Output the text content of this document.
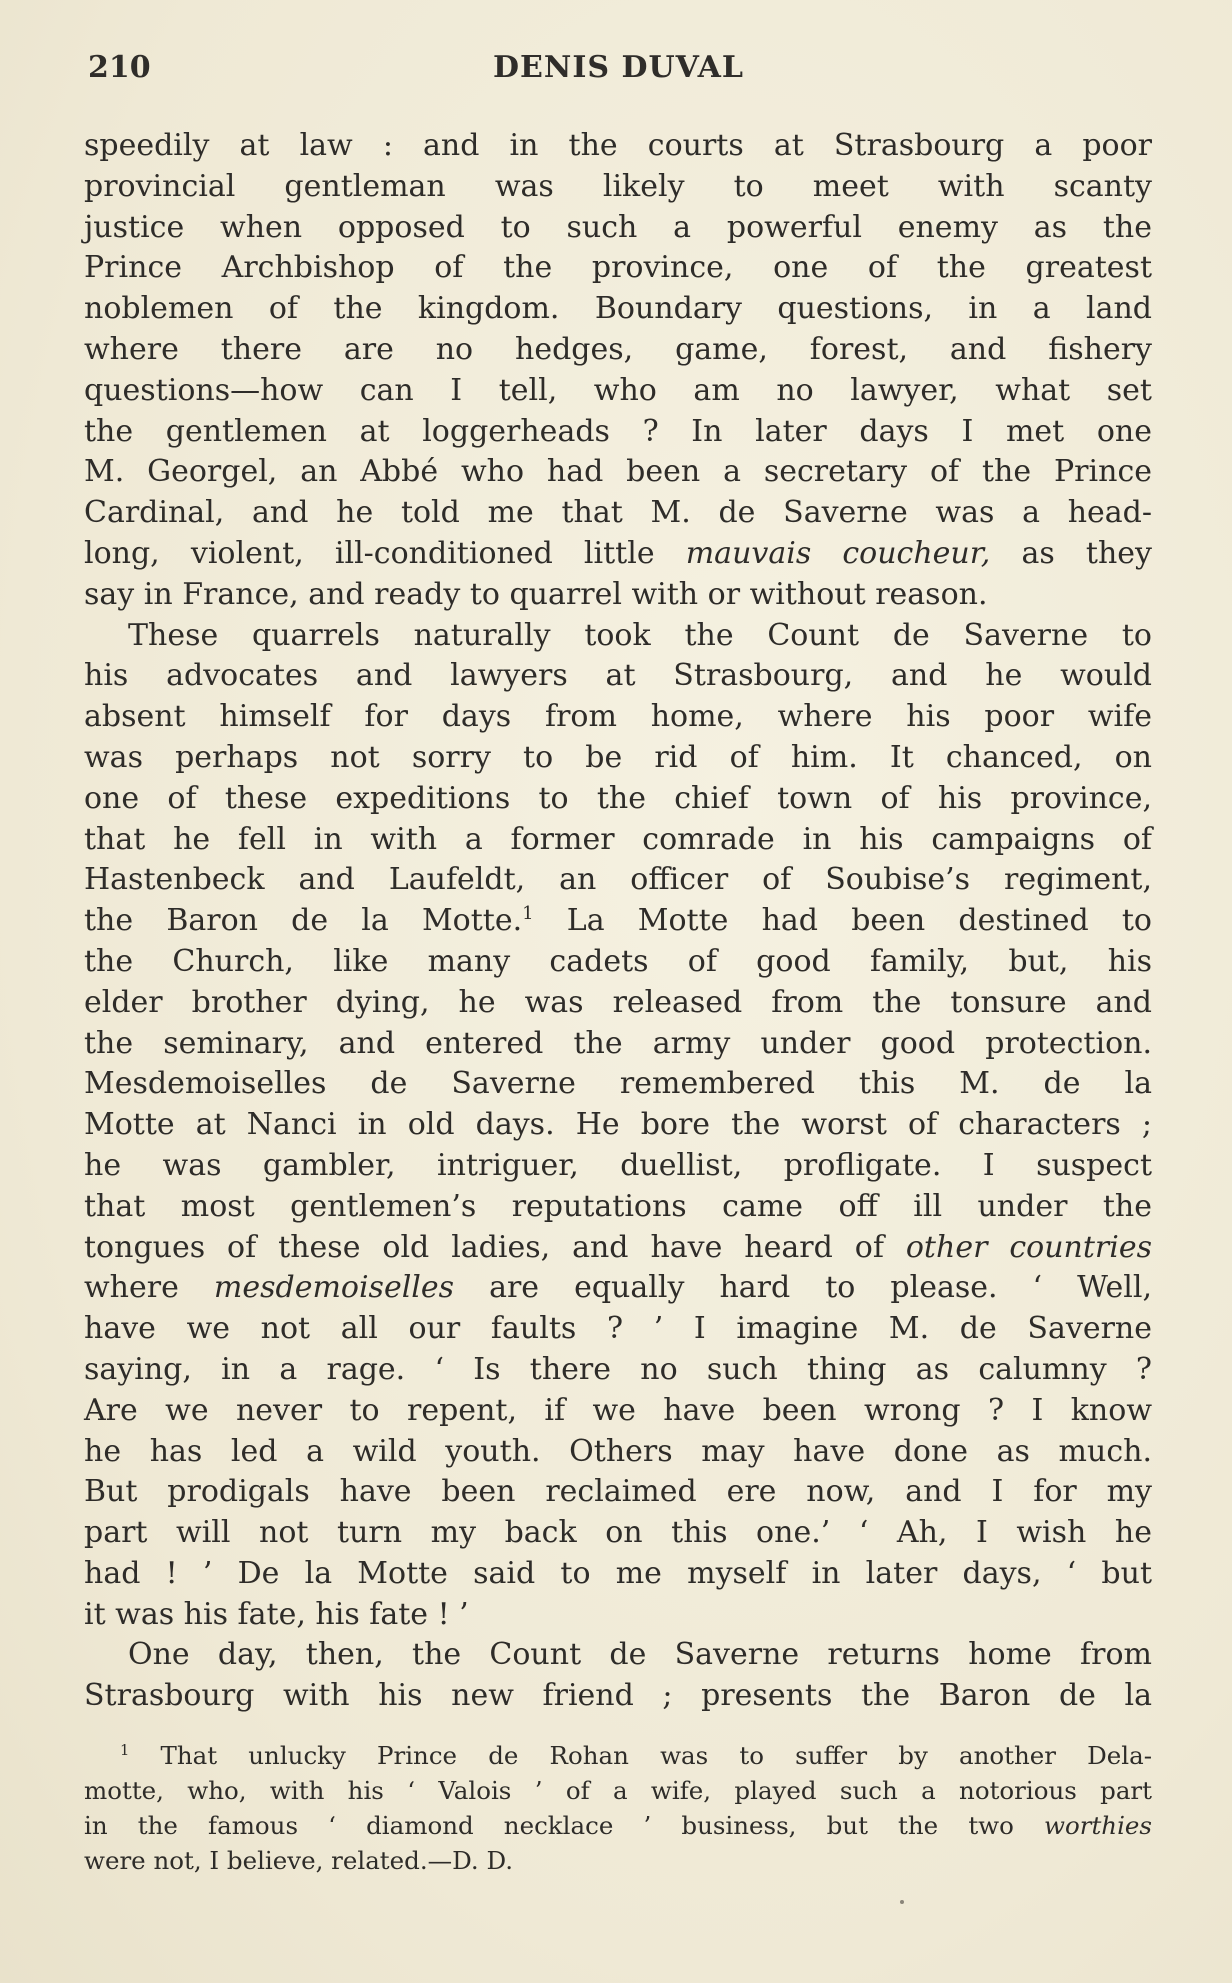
210	DENIS DUVAL
speedily at law : and in the courts at Strasbourg a poor
provincial gentleman was likely to meet with scanty
justice when opposed to such a powerful enemy as the
Prince Archbishop of the province, one of the greatest
noblemen of the kingdom. Boundary questions, in a land
where there are no hedges, game, forest, and fishery
questions—how can I tell, who am no lawyer, what set
the gentlemen at loggerheads ? In later days I met one
M. Georgel, an Abbé who had been a secretary of the Prince
Cardinal, and he told me that M. de Saverne was a head-
long, violent, ill-conditioned little mauvais coucheur, as they
say in France, and ready to quarrel with or without reason.
These quarrels naturally took the Count de Saverne to
his advocates and lawyers at Strasbourg, and he would
absent himself for days from home, where his poor wife
was perhaps not sorry to be rid of him. It chanced, on
one of these expeditions to the chief town of his province,
that he fell in with a former comrade in his campaigns of
Hastenbeck and Laufeldt, an officer of Soubise’s regiment,
the Baron de la Motte.$^1$ La Motte had been destined to
the Church, like many cadets of good family, but, his
elder brother dying, he was released from the tonsure and
the seminary, and entered the army under good protection.
Mesdemoiselles de Saverne remembered this M. de la
Motte at Nanci in old days. He bore the worst of characters ;
he was gambler, intriguer, duellist, profligate. I suspect
that most gentlemen’s reputations came off ill under the
tongues of these old ladies, and have heard of other countries
where mesdemoiselles are equally hard to please. ‘ Well,
have we not all our faults ? ’ I imagine M. de Saverne
saying, in a rage. ‘ Is there no such thing as calumny ?
Are we never to repent, if we have been wrong ? I know
he has led a wild youth. Others may have done as much.
But prodigals have been reclaimed ere now, and I for my
part will not turn my back on this one.’ ‘ Ah, I wish he
had ! ’ De la Motte said to me myself in later days, ‘ but
it was his fate, his fate ! ’
One day, then, the Count de Saverne returns home from
Strasbourg with his new friend ; presents the Baron de la
$^1$ That unlucky Prince de Rohan was to suffer by another Dela-
motte, who, with his ‘ Valois ’ of a wife, played such a notorious part
in the famous ‘ diamond necklace ’ business, but the two worthies
were not, I believe, related.—D. D.
